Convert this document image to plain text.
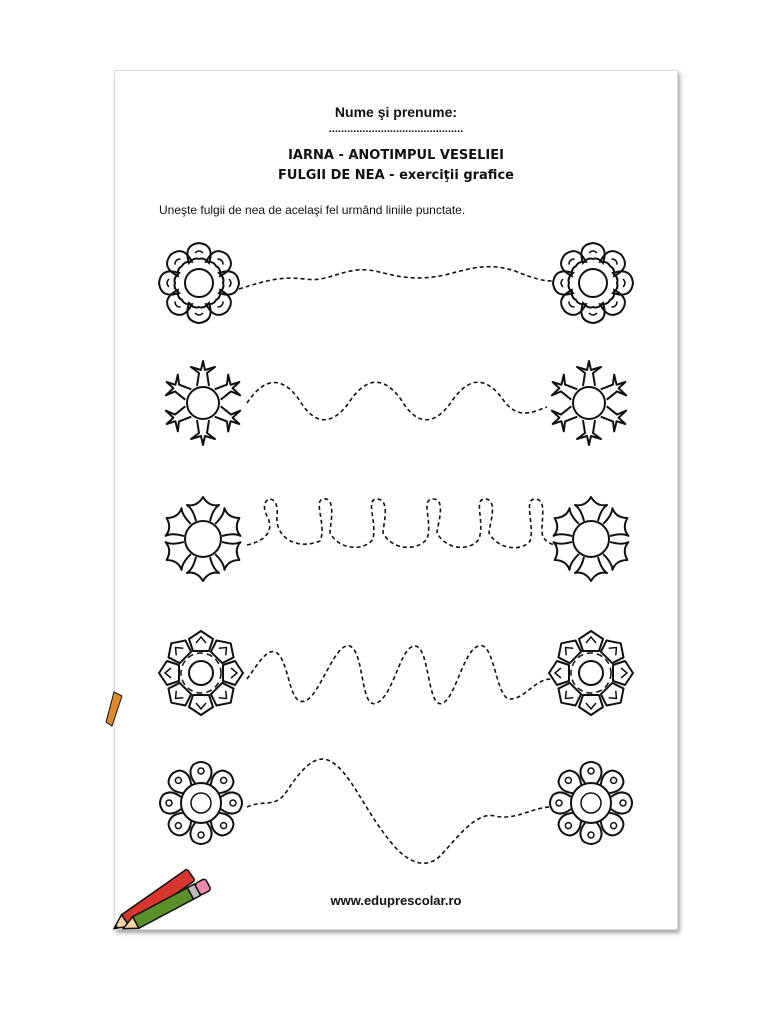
Nume şi prenume:
............................................
IARNA - ANOTIMPUL VESELIEI
FULGII DE NEA - exerciţii grafice
Uneşte fulgii de nea de acelaşi fel urmând liniile punctate.
www.eduprescolar.ro
